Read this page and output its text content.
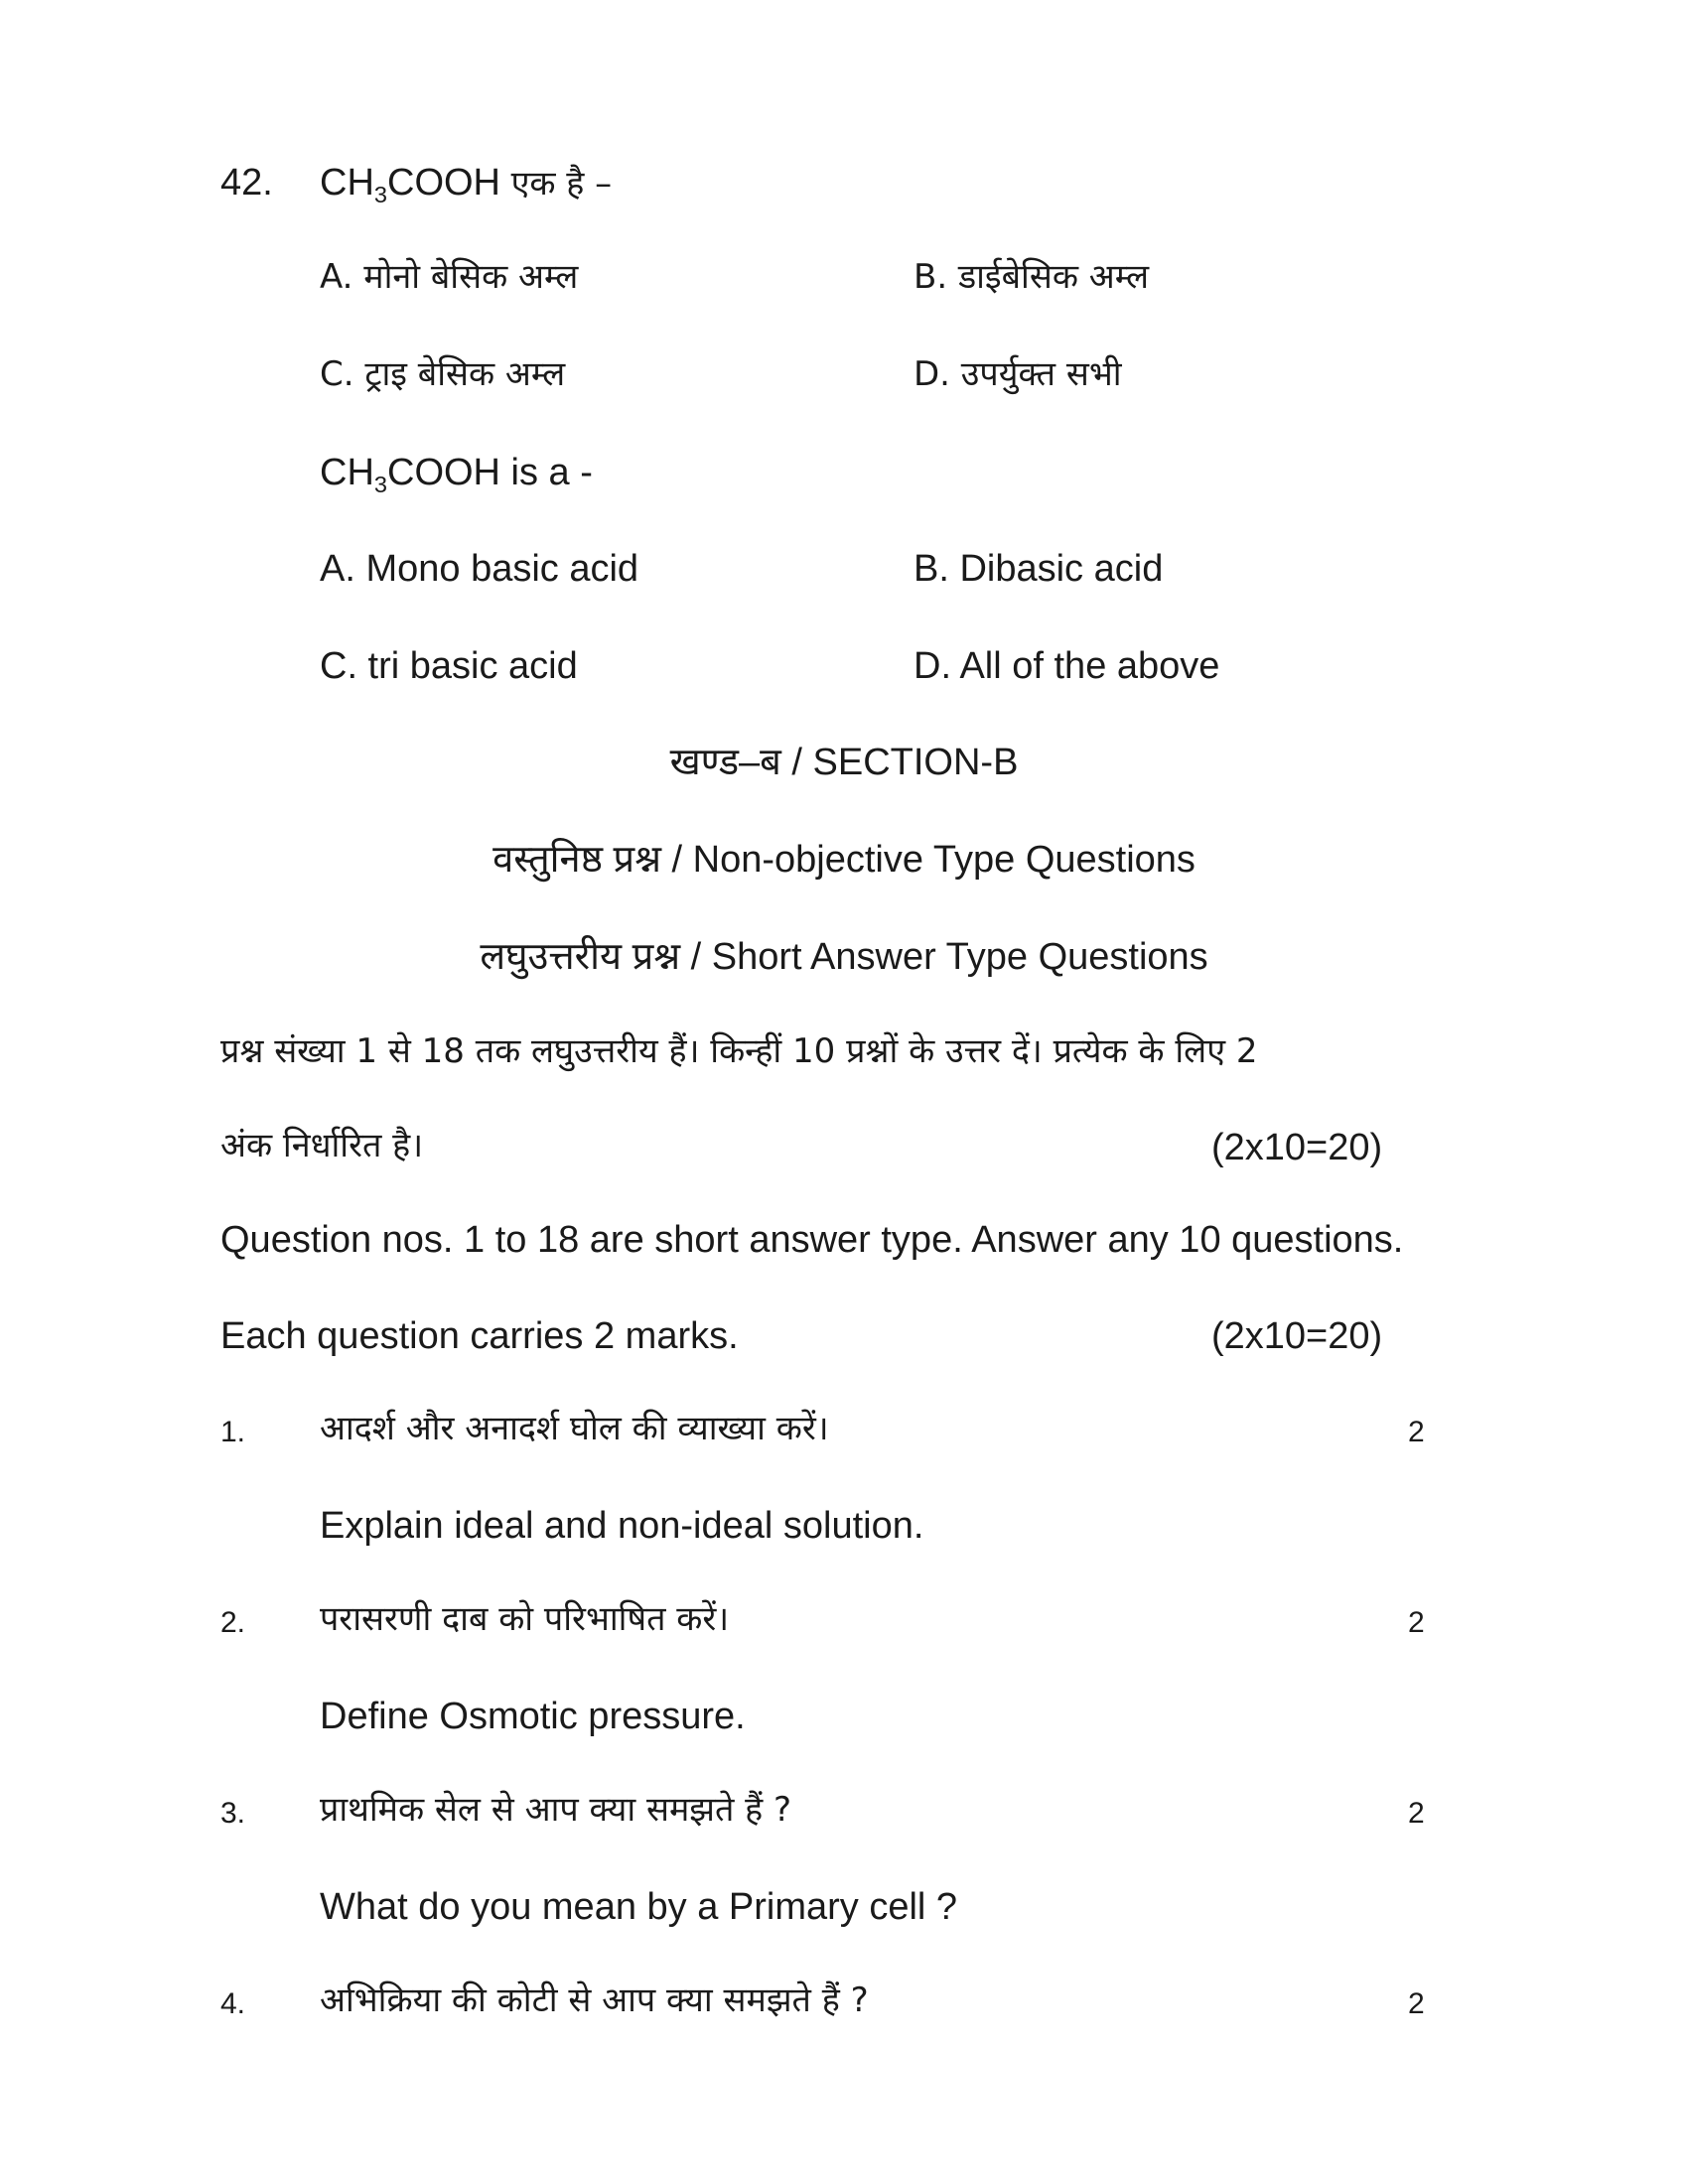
42. $CH_3COOH$ एक है –
A. मोनो बेसिक अम्ल	B. डाईबेसिक अम्ल
C. ट्राइ बेसिक अम्ल	D. उपर्युक्त सभी
$CH_3COOH$ is a -
A. Mono basic acid	B. Dibasic acid
C. tri basic acid	D. All of the above
खण्ड–ब / SECTION-B
वस्तुनिष्ठ प्रश्न / Non-objective Type Questions
लघुउत्तरीय प्रश्न / Short Answer Type Questions
प्रश्न संख्या 1 से 18 तक लघुउत्तरीय हैं। किन्हीं 10 प्रश्नों के उत्तर दें। प्रत्येक के लिए 2
अंक निर्धारित है।	(2x10=20)
Question nos. 1 to 18 are short answer type. Answer any 10 questions.
Each question carries 2 marks.	(2x10=20)
1. आदर्श और अनादर्श घोल की व्याख्या करें।	2
Explain ideal and non-ideal solution.
2. परासरणी दाब को परिभाषित करें।	2
Define Osmotic pressure.
3. प्राथमिक सेल से आप क्या समझते हैं ?	2
What do you mean by a Primary cell ?
4. अभिक्रिया की कोटी से आप क्या समझते हैं ?	2
